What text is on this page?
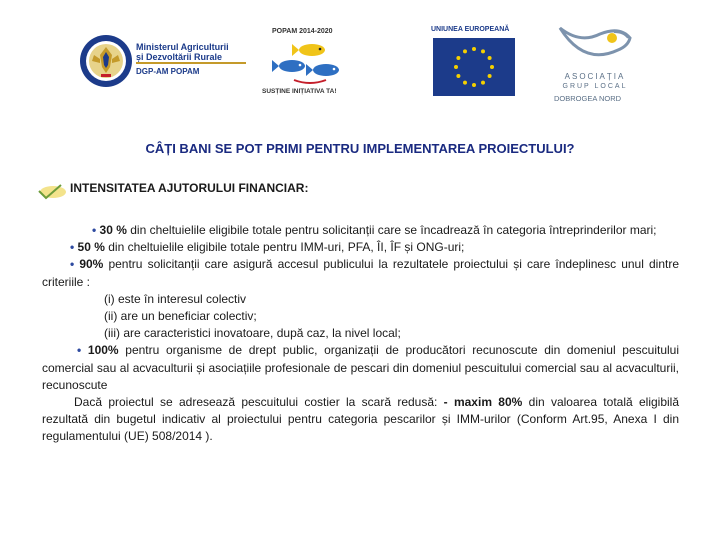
Ministerul Agriculturii
și Dezvoltării Rurale
DGP-AM POPAM
POPAM 2014-2020
SUSȚINE INIȚIATIVA TA!
UNIUNEA EUROPEANĂ
ASOCIAȚIA
GRUP LOCAL
DOBROGEA NORD
CÂȚI BANI SE POT PRIMI PENTRU IMPLEMENTAREA PROIECTULUI?
INTENSITATEA AJUTORULUI FINANCIAR:

• 30 % din cheltuielile eligibile totale pentru solicitanții care se încadrează în categoria întreprinderilor mari;

• 50 % din cheltuielile eligibile totale pentru IMM-uri, PFA, ÎI, ÎF și ONG-uri;

• 90% pentru solicitanții care asigură accesul publicului la rezultatele proiectului și care îndeplinesc unul dintre criteriile :

(i) este în interesul colectiv

(ii) are un beneficiar colectiv;

(iii) are caracteristici inovatoare, după caz, la nivel local;

• 100% pentru organisme de drept public, organizații de producători recunoscute din domeniul pescuitului comercial sau al acvaculturii și asociațiile profesionale de pescari din domeniul pescuitului comercial sau al acvaculturii, recunoscute

Dacă proiectul se adresează pescuitului costier la scară redusă: - maxim 80% din valoarea totală eligibilă rezultată din bugetul indicativ al proiectului pentru categoria pescarilor și IMM-urilor (Conform Art.95, Anexa I din regulamentului (UE) 508/2014 ).
